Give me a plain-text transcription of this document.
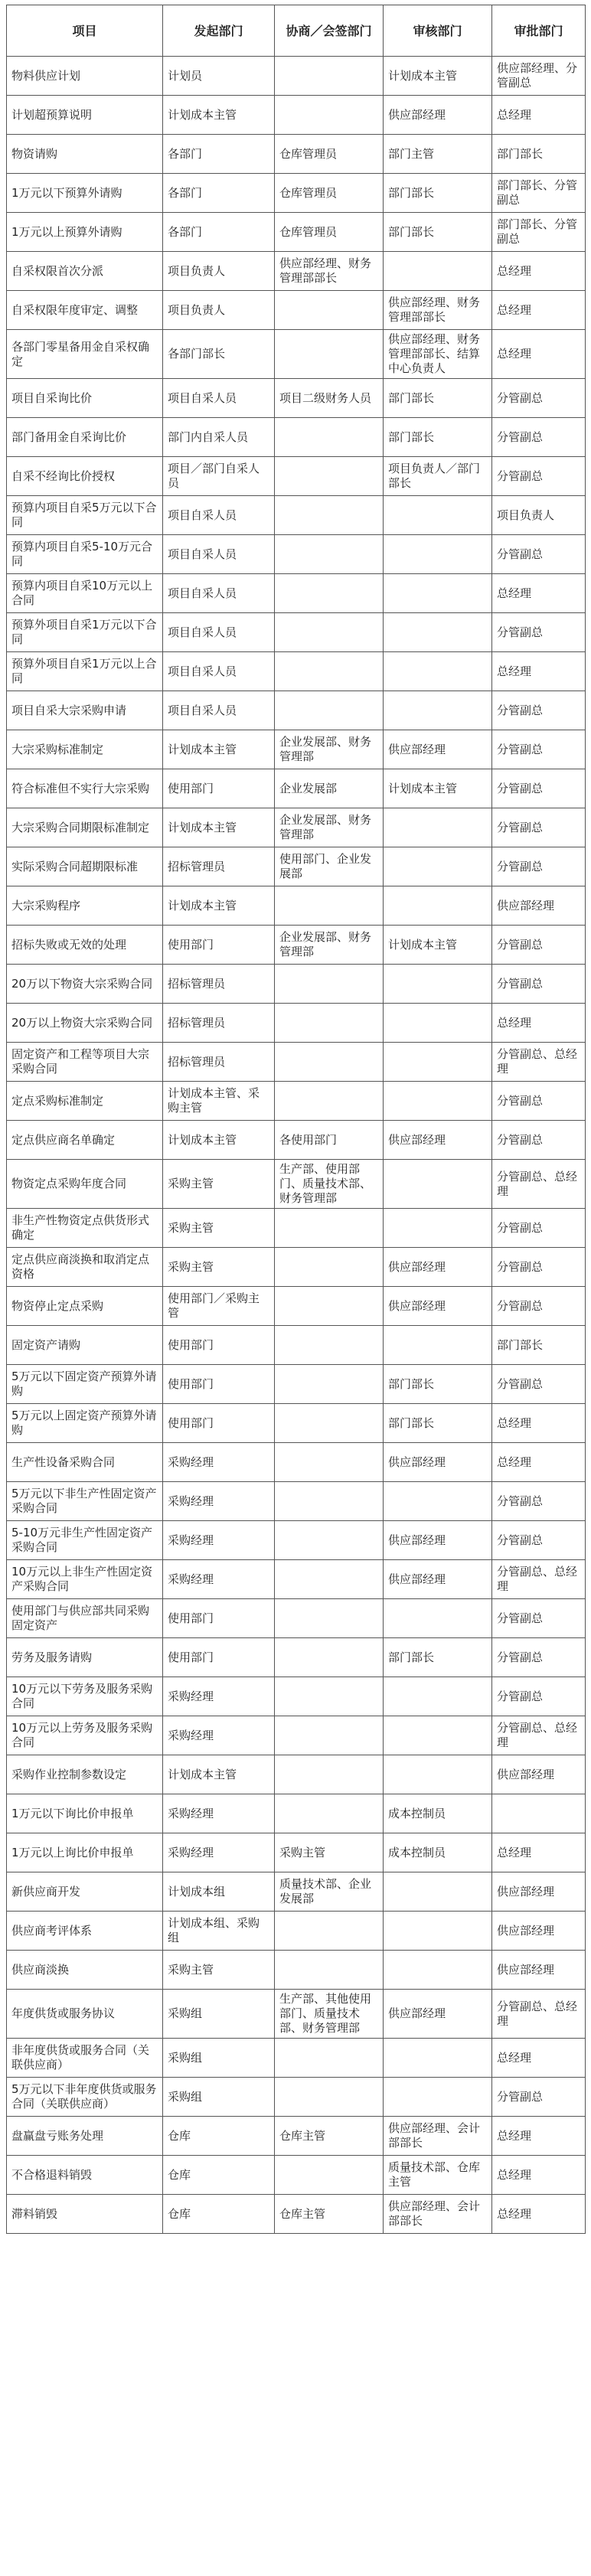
项目	发起部门	协商／会签部门	审核部门	审批部门
物料供应计划	计划员		计划成本主管	供应部经理、分管副总
计划超预算说明	计划成本主管		供应部经理	总经理
物资请购	各部门	仓库管理员	部门主管	部门部长
1万元以下预算外请购	各部门	仓库管理员	部门部长	部门部长、分管副总
1万元以上预算外请购	各部门	仓库管理员	部门部长	部门部长、分管副总
自采权限首次分派	项目负责人	供应部经理、财务管理部部长		总经理
自采权限年度审定、调整	项目负责人		供应部经理、财务管理部部长	总经理
各部门零星备用金自采权确定	各部门部长		供应部经理、财务管理部部长、结算中心负责人	总经理
项目自采询比价	项目自采人员	项目二级财务人员	部门部长	分管副总
部门备用金自采询比价	部门内自采人员		部门部长	分管副总
自采不经询比价授权	项目／部门自采人员		项目负责人／部门部长	分管副总
预算内项目自采5万元以下合同	项目自采人员			项目负责人
预算内项目自采5-10万元合同	项目自采人员			分管副总
预算内项目自采10万元以上合同	项目自采人员			总经理
预算外项目自采1万元以下合同	项目自采人员			分管副总
预算外项目自采1万元以上合同	项目自采人员			总经理
项目自采大宗采购申请	项目自采人员			分管副总
大宗采购标准制定	计划成本主管	企业发展部、财务管理部	供应部经理	分管副总
符合标准但不实行大宗采购	使用部门	企业发展部	计划成本主管	分管副总
大宗采购合同期限标准制定	计划成本主管	企业发展部、财务管理部		分管副总
实际采购合同超期限标准	招标管理员	使用部门、企业发展部		分管副总
大宗采购程序	计划成本主管			供应部经理
招标失败或无效的处理	使用部门	企业发展部、财务管理部	计划成本主管	分管副总
20万以下物资大宗采购合同	招标管理员			分管副总
20万以上物资大宗采购合同	招标管理员			总经理
固定资产和工程等项目大宗采购合同	招标管理员			分管副总、总经理
定点采购标准制定	计划成本主管、采购主管			分管副总
定点供应商名单确定	计划成本主管	各使用部门	供应部经理	分管副总
物资定点采购年度合同	采购主管	生产部、使用部门、质量技术部、财务管理部		分管副总、总经理
非生产性物资定点供货形式确定	采购主管			分管副总
定点供应商淡换和取消定点资格	采购主管		供应部经理	分管副总
物资停止定点采购	使用部门／采购主管		供应部经理	分管副总
固定资产请购	使用部门			部门部长
5万元以下固定资产预算外请购	使用部门		部门部长	分管副总
5万元以上固定资产预算外请购	使用部门		部门部长	总经理
生产性设备采购合同	采购经理		供应部经理	总经理
5万元以下非生产性固定资产采购合同	采购经理			分管副总
5-10万元非生产性固定资产采购合同	采购经理		供应部经理	分管副总
10万元以上非生产性固定资产采购合同	采购经理		供应部经理	分管副总、总经理
使用部门与供应部共同采购固定资产	使用部门			分管副总
劳务及服务请购	使用部门		部门部长	分管副总
10万元以下劳务及服务采购合同	采购经理			分管副总
10万元以上劳务及服务采购合同	采购经理			分管副总、总经理
采购作业控制参数设定	计划成本主管			供应部经理
1万元以下询比价申报单	采购经理		成本控制员	
1万元以上询比价申报单	采购经理	采购主管	成本控制员	总经理
新供应商开发	计划成本组	质量技术部、企业发展部		供应部经理
供应商考评体系	计划成本组、采购组			供应部经理
供应商淡换	采购主管			供应部经理
年度供货或服务协议	采购组	生产部、其他使用部门、质量技术部、财务管理部	供应部经理	分管副总、总经理
非年度供货或服务合同（关联供应商）	采购组			总经理
5万元以下非年度供货或服务合同（关联供应商）	采购组			分管副总
盘赢盘亏账务处理	仓库	仓库主管	供应部经理、会计部部长	总经理
不合格退料销毁	仓库		质量技术部、仓库主管	总经理
滞料销毁	仓库	仓库主管	供应部经理、会计部部长	总经理
